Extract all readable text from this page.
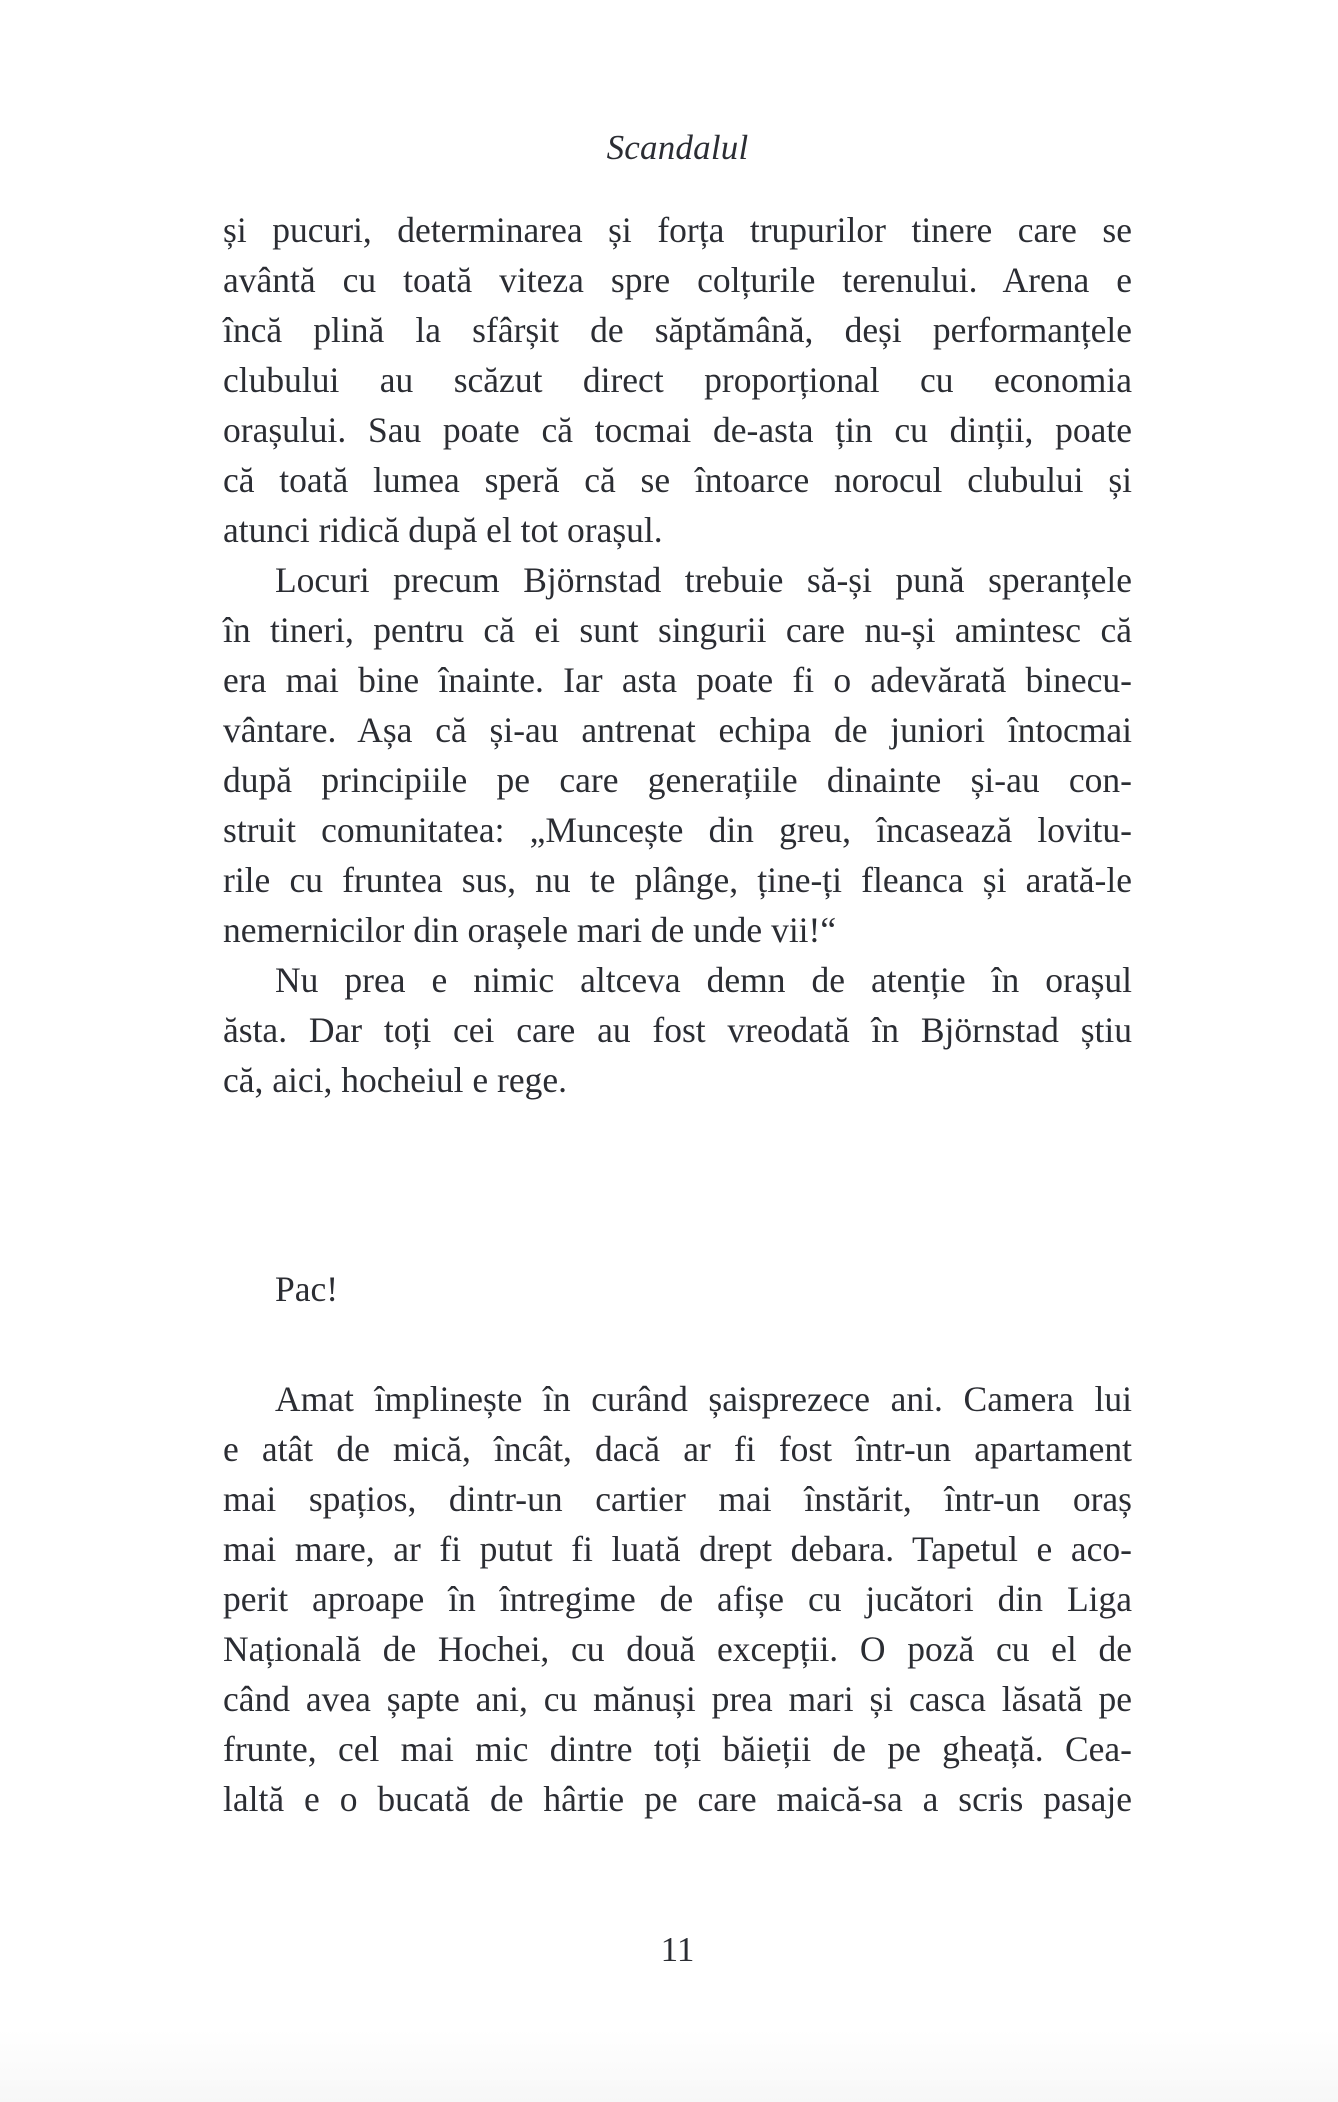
Scandalul
și pucuri, determinarea și forța trupurilor tinere care se
avântă cu toată viteza spre colțurile terenului. Arena e
încă plină la sfârșit de săptămână, deși performanțele
clubului au scăzut direct proporțional cu economia
orașului. Sau poate că tocmai de-asta țin cu dinții, poate
că toată lumea speră că se întoarce norocul clubului și
atunci ridică după el tot orașul.
Locuri precum Björnstad trebuie să-și pună speranțele
în tineri, pentru că ei sunt singurii care nu-și amintesc că
era mai bine înainte. Iar asta poate fi o adevărată binecu-
vântare. Așa că și-au antrenat echipa de juniori întocmai
după principiile pe care generațiile dinainte și-au con-
struit comunitatea: „Muncește din greu, încasează lovitu-
rile cu fruntea sus, nu te plânge, ține-ți fleanca și arată-le
nemernicilor din orașele mari de unde vii!“
Nu prea e nimic altceva demn de atenție în orașul
ăsta. Dar toți cei care au fost vreodată în Björnstad știu
că, aici, hocheiul e rege.
Pac!
Amat împlinește în curând șaisprezece ani. Camera lui
e atât de mică, încât, dacă ar fi fost într-un apartament
mai spațios, dintr-un cartier mai înstărit, într-un oraș
mai mare, ar fi putut fi luată drept debara. Tapetul e aco-
perit aproape în întregime de afișe cu jucători din Liga
Națională de Hochei, cu două excepții. O poză cu el de
când avea șapte ani, cu mănuși prea mari și casca lăsată pe
frunte, cel mai mic dintre toți băieții de pe gheață. Cea-
laltă e o bucată de hârtie pe care maică-sa a scris pasaje
11
